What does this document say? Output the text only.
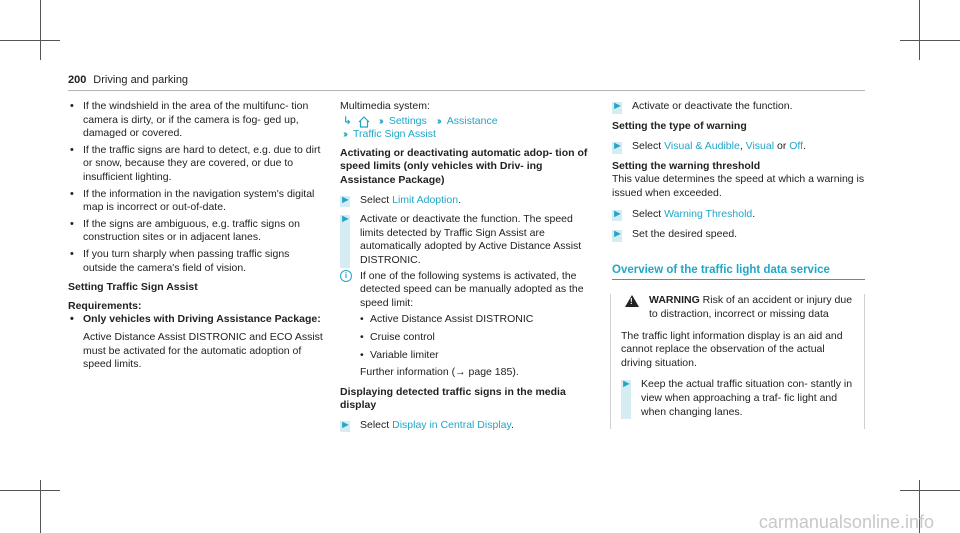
200 Driving and parking

• If the windshield in the area of the multifunc- tion camera is dirty, or if the camera is fog- ged up, damaged or covered.

• If the traffic signs are hard to detect, e.g. due to dirt or snow, because they are covered, or due to insufficient lighting.

• If the information in the navigation system's digital map is incorrect or out-of-date.

• If the signs are ambiguous, e.g. traffic signs on construction sites or in adjacent lanes.

• If you turn sharply when passing traffic signs outside the camera's field of vision.

Setting Traffic Sign Assist
Requirements:

• Only vehicles with Driving Assistance Package:

Active Distance Assist DISTRONIC and ECO Assist must be activated for the automatic adoption of speed limits.
Multimedia system:
↳	›› Settings ›› Assistance
›› Traffic Sign Assist
Activating or deactivating automatic adop- tion of speed limits (only vehicles with Driv- ing Assistance Package)
► Select Limit Adoption.
► Activate or deactivate the function. The speed limits detected by Traffic Sign Assist are automatically adopted by Active Distance Assist DISTRONIC.
i	If one of the following systems is activated, the detected speed can be manually adopted as the speed limit:
• Active Distance Assist DISTRONIC
• Cruise control
• Variable limiter
Further information (→ page 185).
Displaying detected traffic signs in the media display
► Select Display in Central Display.
► Activate or deactivate the function.
Setting the type of warning
► Select Visual & Audible, Visual or Off.
Setting the warning threshold
This value determines the speed at which a warning is issued when exceeded.
► Select Warning Threshold.
► Set the desired speed.
Overview of the traffic light data service
! WARNING Risk of an accident or injury due to distraction, incorrect or missing data
The traffic light information display is an aid and cannot replace the observation of the actual driving situation.
► Keep the actual traffic situation con- stantly in view when approaching a traf- fic light and when changing lanes.
carmanualsonline.info
